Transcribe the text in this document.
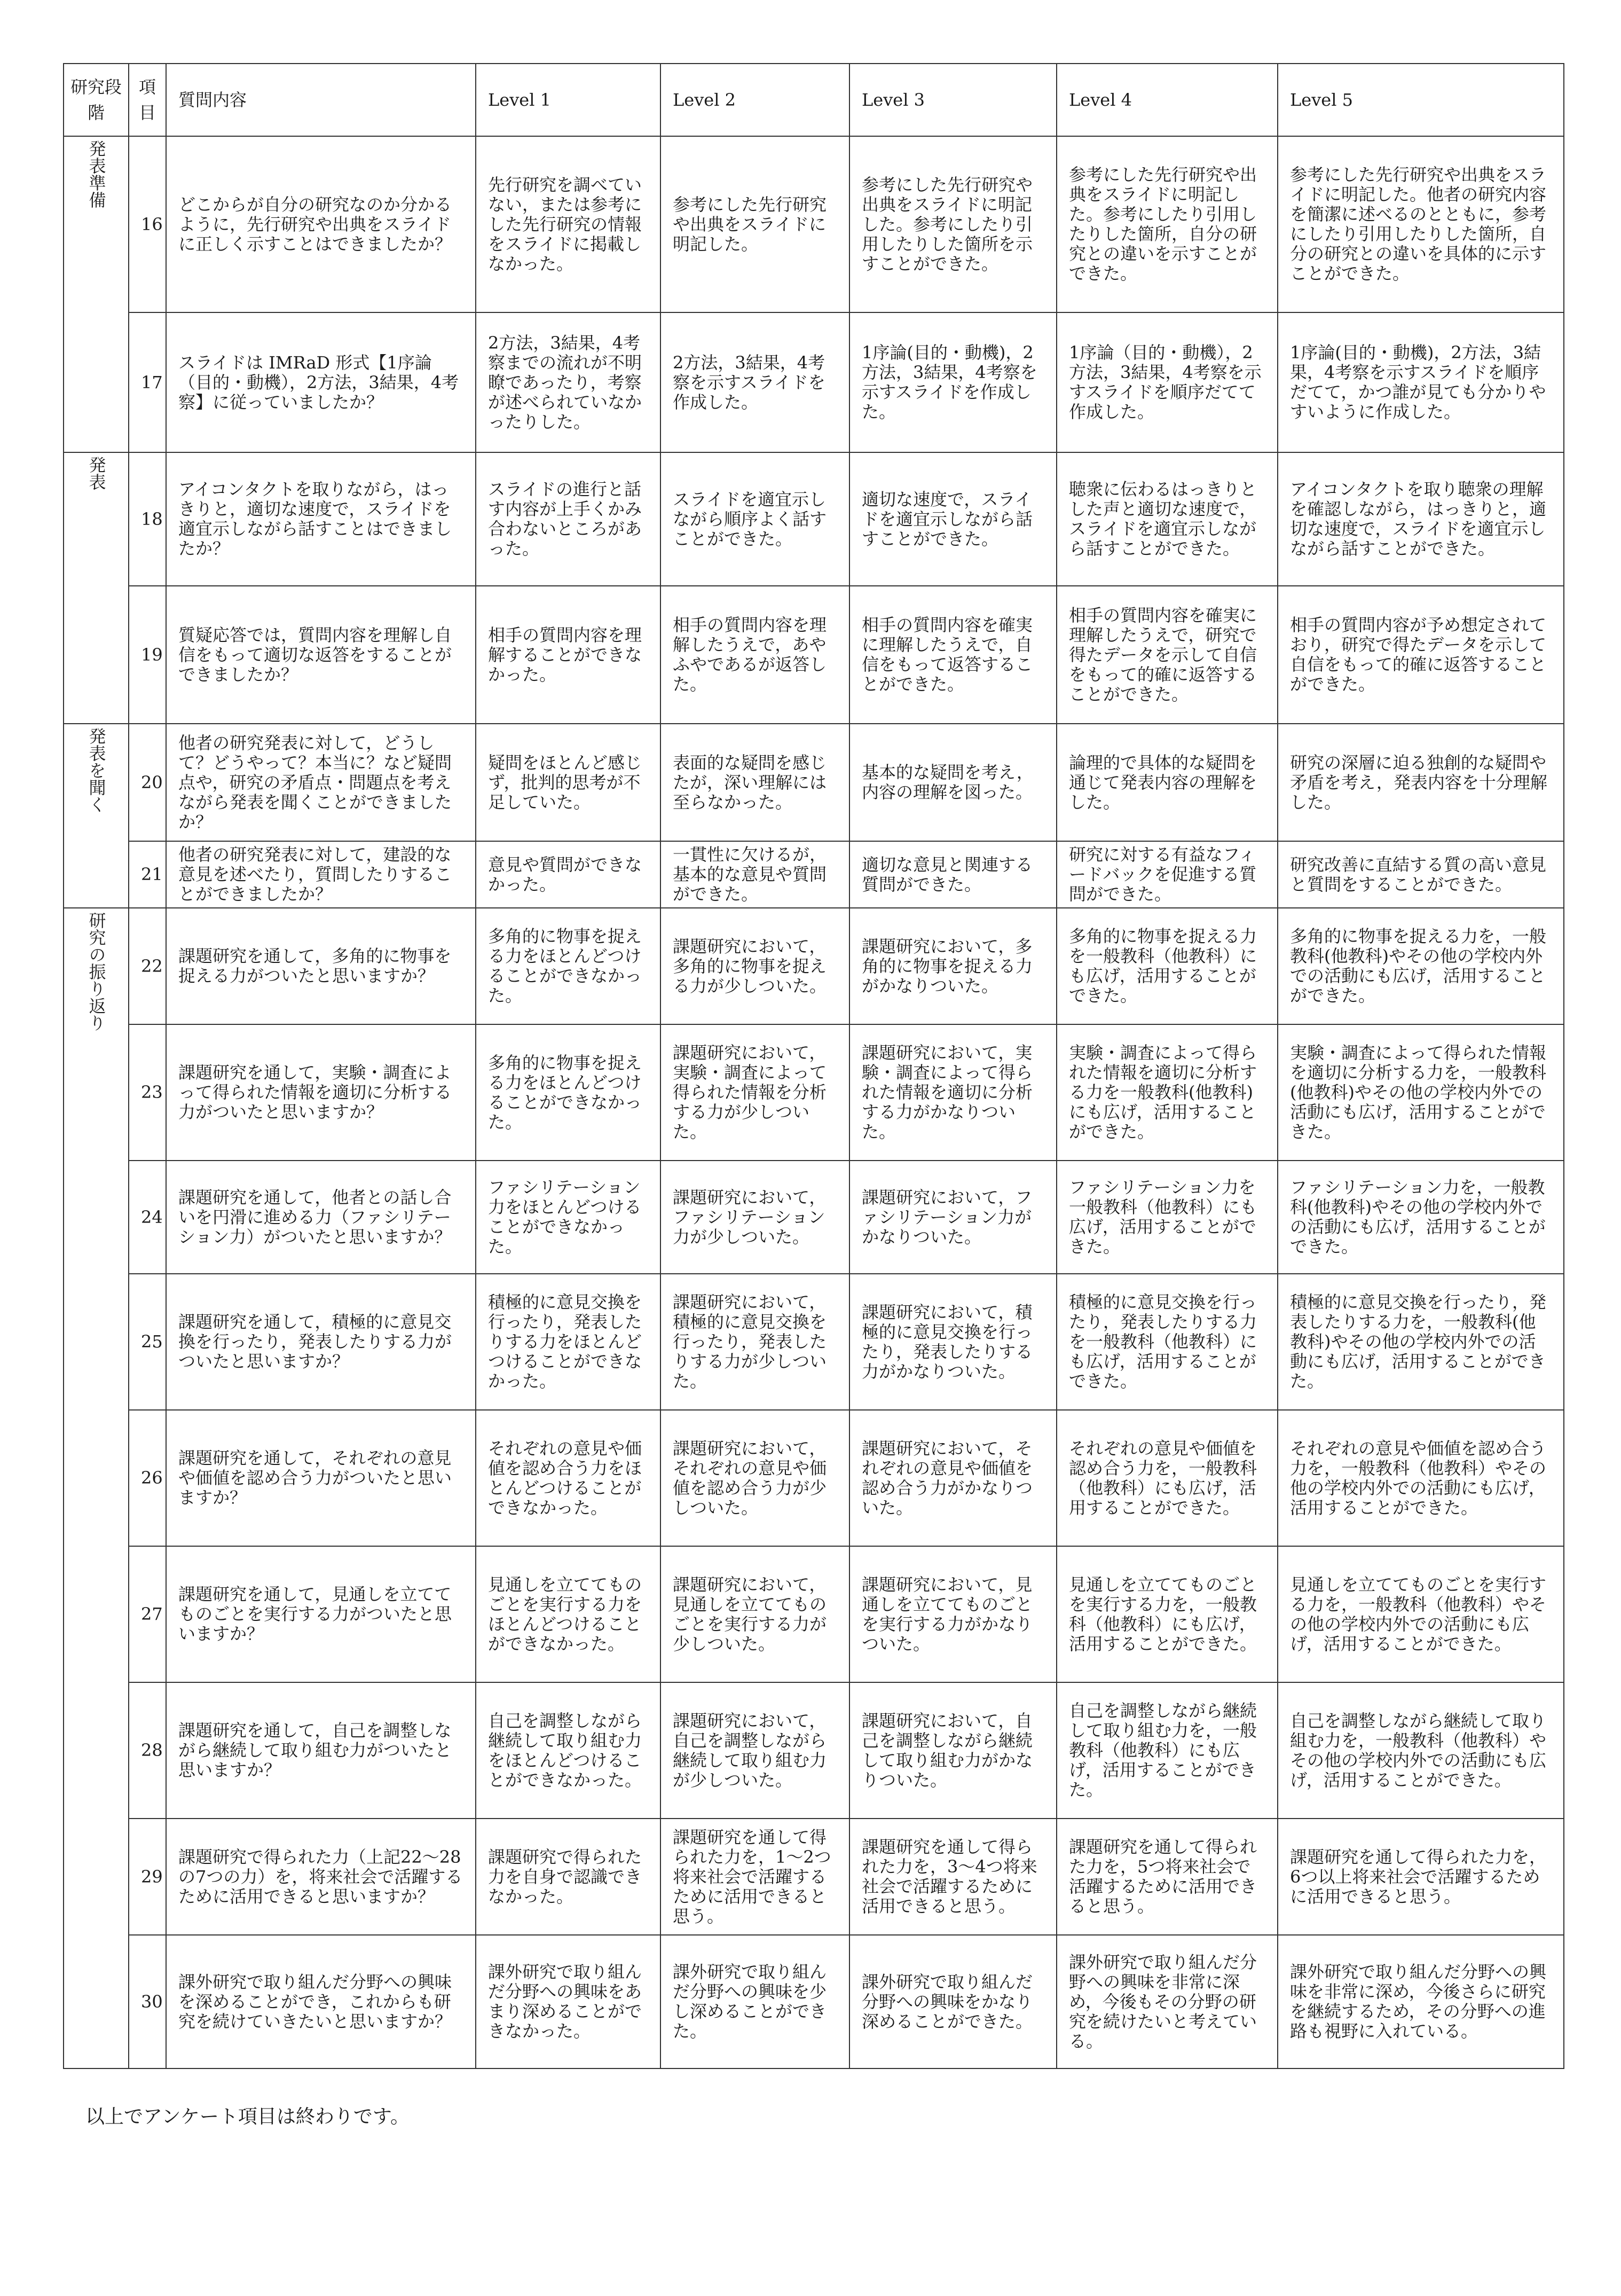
研究段階	項目	質問内容	Level 1	Level 2	Level 3	Level 4	Level 5
発表準備	16	どこからが自分の研究なのか分かるように，先行研究や出典をスライドに正しく示すことはできましたか？	先行研究を調べていない，または参考にした先行研究の情報をスライドに掲載しなかった。	参考にした先行研究や出典をスライドに明記した。	参考にした先行研究や出典をスライドに明記した。参考にしたり引用したりした箇所を示すことができた。	参考にした先行研究や出典をスライドに明記した。参考にしたり引用したりした箇所，自分の研究との違いを示すことができた。	参考にした先行研究や出典をスライドに明記した。他者の研究内容を簡潔に述べるのとともに，参考にしたり引用したりした箇所，自分の研究との違いを具体的に示すことができた。
	17	スライドは IMRaD 形式【1序論（目的・動機），2方法，3結果，4考察】に従っていましたか？	2方法，3結果，4考察までの流れが不明瞭であったり，考察が述べられていなかったりした。	2方法，3結果，4考察を示すスライドを作成した。	1序論(目的・動機)，2方法，3結果，4考察を示すスライドを作成した。	1序論（目的・動機），2方法，3結果，4考察を示すスライドを順序だてて作成した。	1序論(目的・動機)，2方法，3結果，4考察を示すスライドを順序だてて，かつ誰が見ても分かりやすいように作成した。
発表	18	アイコンタクトを取りながら，はっきりと，適切な速度で，スライドを適宜示しながら話すことはできましたか？	スライドの進行と話す内容が上手くかみ合わないところがあった。	スライドを適宜示しながら順序よく話すことができた。	適切な速度で，スライドを適宜示しながら話すことができた。	聴衆に伝わるはっきりとした声と適切な速度で，スライドを適宜示しながら話すことができた。	アイコンタクトを取り聴衆の理解を確認しながら，はっきりと，適切な速度で，スライドを適宜示しながら話すことができた。
	19	質疑応答では，質問内容を理解し自信をもって適切な返答をすることができましたか？	相手の質問内容を理解することができなかった。	相手の質問内容を理解したうえで，あやふやであるが返答した。	相手の質問内容を確実に理解したうえで，自信をもって返答することができた。	相手の質問内容を確実に理解したうえで，研究で得たデータを示して自信をもって的確に返答することができた。	相手の質問内容が予め想定されており，研究で得たデータを示して自信をもって的確に返答することができた。
発表を聞く	20	他者の研究発表に対して，どうして？どうやって？本当に？など疑問点や，研究の矛盾点・問題点を考えながら発表を聞くことができましたか？	疑問をほとんど感じず，批判的思考が不足していた。	表面的な疑問を感じたが，深い理解には至らなかった。	基本的な疑問を考え，内容の理解を図った。	論理的で具体的な疑問を通じて発表内容の理解をした。	研究の深層に迫る独創的な疑問や矛盾を考え，発表内容を十分理解した。
	21	他者の研究発表に対して，建設的な意見を述べたり，質問したりすることができましたか？	意見や質問ができなかった。	一貫性に欠けるが，基本的な意見や質問ができた。	適切な意見と関連する質問ができた。	研究に対する有益なフィードバックを促進する質問ができた。	研究改善に直結する質の高い意見と質問をすることができた。
研究の振り返り	22	課題研究を通して，多角的に物事を捉える力がついたと思いますか？	多角的に物事を捉える力をほとんどつけることができなかった。	課題研究において，多角的に物事を捉える力が少しついた。	課題研究において，多角的に物事を捉える力がかなりついた。	多角的に物事を捉える力を一般教科（他教科）にも広げ，活用することができた。	多角的に物事を捉える力を，一般教科(他教科)やその他の学校内外での活動にも広げ，活用することができた。
	23	課題研究を通して，実験・調査によって得られた情報を適切に分析する力がついたと思いますか？	多角的に物事を捉える力をほとんどつけることができなかった。	課題研究において，実験・調査によって得られた情報を分析する力が少しついた。	課題研究において，実験・調査によって得られた情報を適切に分析する力がかなりついた。	実験・調査によって得られた情報を適切に分析する力を一般教科(他教科)にも広げ，活用することができた。	実験・調査によって得られた情報を適切に分析する力を，一般教科(他教科)やその他の学校内外での活動にも広げ，活用することができた。
	24	課題研究を通して，他者との話し合いを円滑に進める力（ファシリテーション力）がついたと思いますか？	ファシリテーション力をほとんどつけることができなかった。	課題研究において，ファシリテーション力が少しついた。	課題研究において，ファシリテーション力がかなりついた。	ファシリテーション力を一般教科（他教科）にも広げ，活用することができた。	ファシリテーション力を，一般教科(他教科)やその他の学校内外での活動にも広げ，活用することができた。
	25	課題研究を通して，積極的に意見交換を行ったり，発表したりする力がついたと思いますか？	積極的に意見交換を行ったり，発表したりする力をほとんどつけることができなかった。	課題研究において，積極的に意見交換を行ったり，発表したりする力が少しついた。	課題研究において，積極的に意見交換を行ったり，発表したりする力がかなりついた。	積極的に意見交換を行ったり，発表したりする力を一般教科（他教科）にも広げ，活用することができた。	積極的に意見交換を行ったり，発表したりする力を，一般教科(他教科)やその他の学校内外での活動にも広げ，活用することができた。
	26	課題研究を通して，それぞれの意見や価値を認め合う力がついたと思いますか？	それぞれの意見や価値を認め合う力をほとんどつけることができなかった。	課題研究において，それぞれの意見や価値を認め合う力が少しついた。	課題研究において，それぞれの意見や価値を認め合う力がかなりついた。	それぞれの意見や価値を認め合う力を，一般教科（他教科）にも広げ，活用することができた。	それぞれの意見や価値を認め合う力を，一般教科（他教科）やその他の学校内外での活動にも広げ，活用することができた。
	27	課題研究を通して，見通しを立ててものごとを実行する力がついたと思いますか？	見通しを立ててものごとを実行する力をほとんどつけることができなかった。	課題研究において，見通しを立ててものごとを実行する力が少しついた。	課題研究において，見通しを立ててものごとを実行する力がかなりついた。	見通しを立ててものごとを実行する力を，一般教科（他教科）にも広げ，活用することができた。	見通しを立ててものごとを実行する力を，一般教科（他教科）やその他の学校内外での活動にも広げ，活用することができた。
	28	課題研究を通して，自己を調整しながら継続して取り組む力がついたと思いますか？	自己を調整しながら継続して取り組む力をほとんどつけることができなかった。	課題研究において，自己を調整しながら継続して取り組む力が少しついた。	課題研究において，自己を調整しながら継続して取り組む力がかなりついた。	自己を調整しながら継続して取り組む力を，一般教科（他教科）にも広げ，活用することができた。	自己を調整しながら継続して取り組む力を，一般教科（他教科）やその他の学校内外での活動にも広げ，活用することができた。
	29	課題研究で得られた力（上記22〜28の7つの力）を，将来社会で活躍するために活用できると思いますか？	課題研究で得られた力を自身で認識できなかった。	課題研究を通して得られた力を，1〜2つ将来社会で活躍するために活用できると思う。	課題研究を通して得られた力を，3〜4つ将来社会で活躍するために活用できると思う。	課題研究を通して得られた力を，5つ将来社会で活躍するために活用できると思う。	課題研究を通して得られた力を，6つ以上将来社会で活躍するために活用できると思う。
	30	課外研究で取り組んだ分野への興味を深めることができ，これからも研究を続けていきたいと思いますか？	課外研究で取り組んだ分野への興味をあまり深めることができなかった。	課外研究で取り組んだ分野への興味を少し深めることができた。	課外研究で取り組んだ分野への興味をかなり深めることができた。	課外研究で取り組んだ分野への興味を非常に深め，今後もその分野の研究を続けたいと考えている。	課外研究で取り組んだ分野への興味を非常に深め，今後さらに研究を継続するため，その分野への進路も視野に入れている。

以上でアンケート項目は終わりです。
